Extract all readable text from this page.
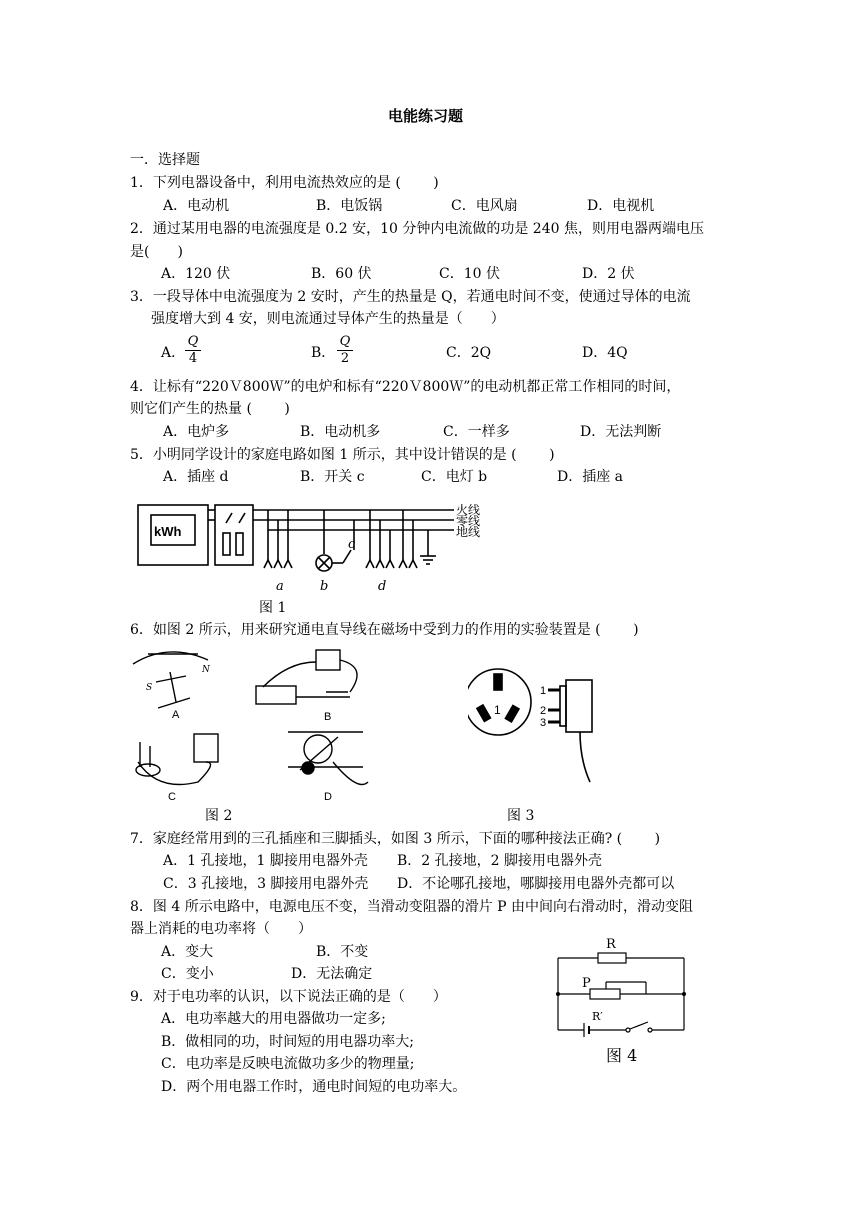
电能练习题
一．选择题
1．下列电器设备中，利用电流热效应的是 (　　 )
A．电动机	B．电饭锅	C．电风扇	D．电视机
2．通过某用电器的电流强度是 0.2 安，10 分钟内电流做的功是 240 焦，则用电器两端电压
是(　　)
A．120 伏	B．60 伏	C．10 伏	D．2 伏
3．一段导体中电流强度为 2 安时，产生的热量是 Q，若通电时间不变，使通过导体的电流
强度增大到 4 安，则电流通过导体产生的热量是（　　）
A． $\frac{Q}{4}$	B． $\frac{Q}{2}$	C．2Q	D．4Q
4．让标有“220Ｖ800Ｗ”的电炉和标有“220Ｖ800Ｗ”的电动机都正常工作相同的时间，
则它们产生的热量 (　　 )
A．电炉多	B．电动机多	C．一样多	D．无法判断
5．小明同学设计的家庭电路如图 1 所示，其中设计错误的是 (　　 )
A．插座 d	B．开关 c	C．电灯 b	D．插座 a
kWh
火线
零线
地线
a	b
c
d
图 1
6．如图 2 所示，用来研究通电直导线在磁场中受到力的作用的实验装置是 (　　 )
A	B
C	D
N
S
图 2
1
1
2
3
图 3
7．家庭经常用到的三孔插座和三脚插头，如图 3 所示，下面的哪种接法正确? (　　 )
A．1 孔接地，1 脚接用电器外壳 B．2 孔接地，2 脚接用电器外壳
C．3 孔接地，3 脚接用电器外壳 D．不论哪孔接地，哪脚接用电器外壳都可以
8．图 4 所示电路中，电源电压不变，当滑动变阻器的滑片 P 由中间向右滑动时，滑动变阻
器上消耗的电功率将（　　）
A．变大	B．不变
C．变小	D．无法确定
R
P
R′
图 4
9．对于电功率的认识，以下说法正确的是（　　）
A．电功率越大的用电器做功一定多;
B．做相同的功，时间短的用电器功率大;
C．电功率是反映电流做功多少的物理量;
D．两个用电器工作时，通电时间短的电功率大。
